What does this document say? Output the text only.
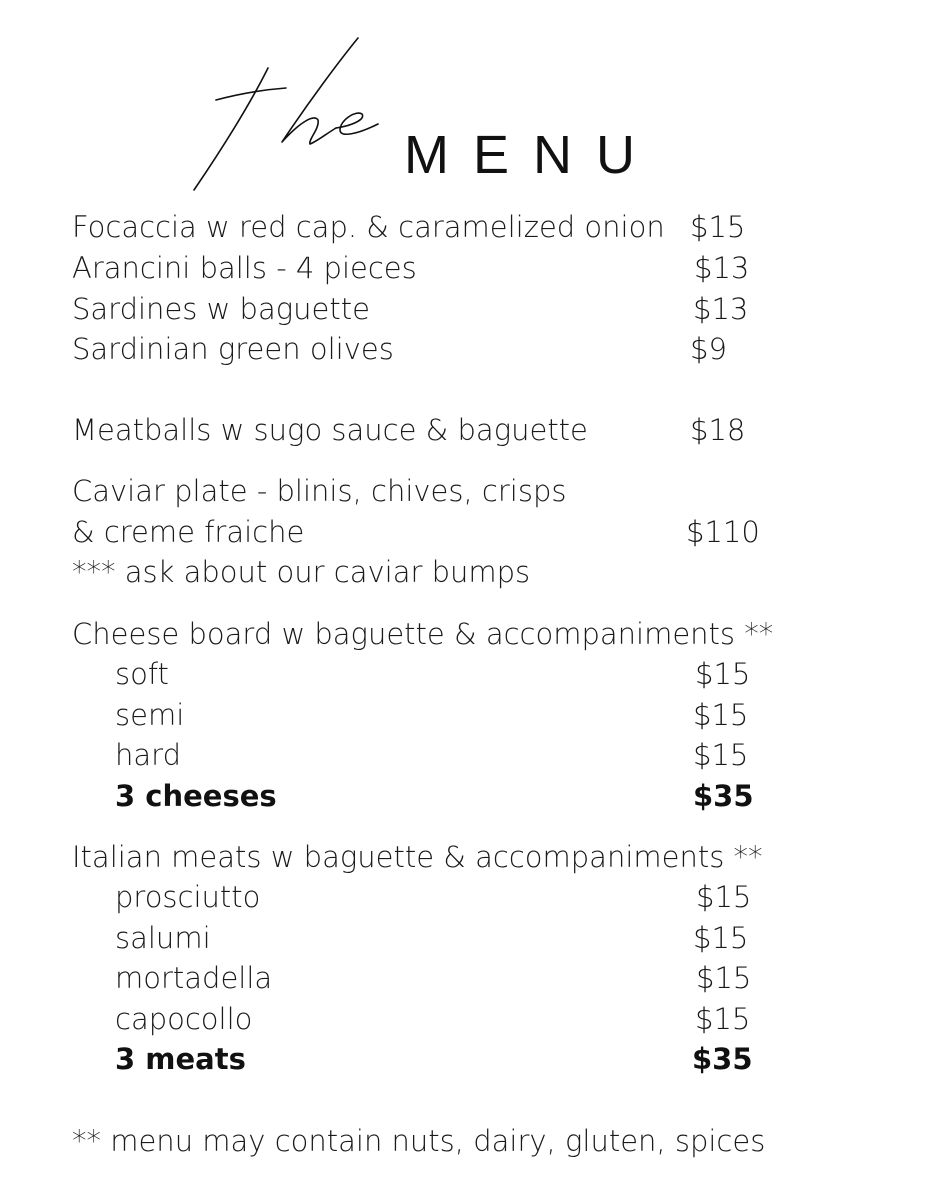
MENU
Focaccia w red cap. & caramelized onion $15
Arancini balls - 4 pieces	$13
Sardines w baguette	$13
Sardinian green olives	$9
Meatballs w sugo sauce & baguette	$18
Caviar plate - blinis, chives, crisps
& creme fraiche	$110
*** ask about our caviar bumps
Cheese board w baguette & accompaniments **
soft	$15
semi	$15
hard	$15
3 cheeses	$35
Italian meats w baguette & accompaniments **
prosciutto	$15
salumi	$15
mortadella	$15
capocollo	$15
3 meats	$35
** menu may contain nuts, dairy, gluten, spices
